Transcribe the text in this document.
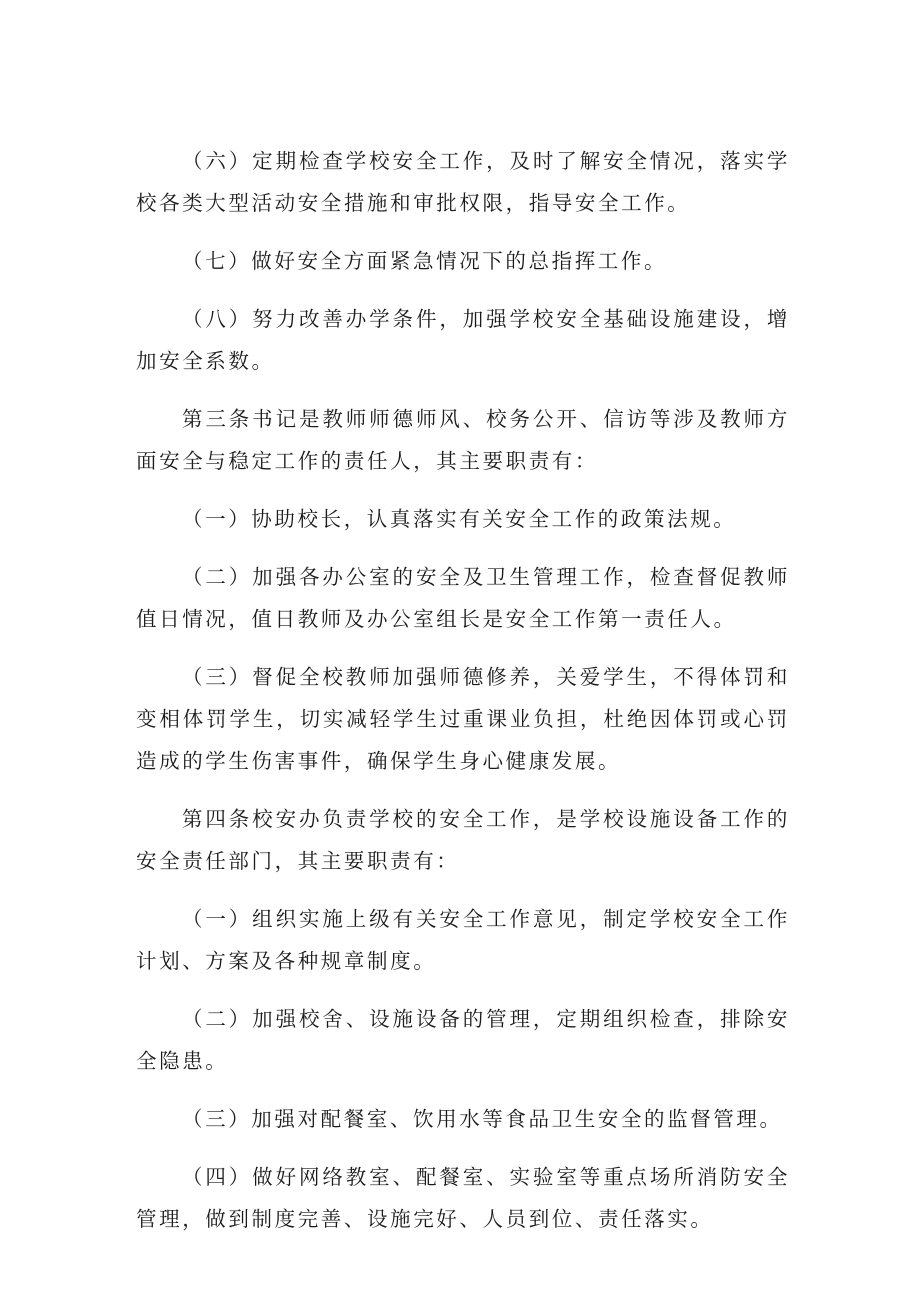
（六）定期检查学校安全工作，及时了解安全情况，落实学校各类大型活动安全措施和审批权限，指导安全工作。

（七）做好安全方面紧急情况下的总指挥工作。

（八）努力改善办学条件，加强学校安全基础设施建设，增加安全系数。

第三条书记是教师师德师风、校务公开、信访等涉及教师方面安全与稳定工作的责任人，其主要职责有：

（一）协助校长，认真落实有关安全工作的政策法规。

（二）加强各办公室的安全及卫生管理工作，检查督促教师值日情况，值日教师及办公室组长是安全工作第一责任人。

（三）督促全校教师加强师德修养，关爱学生，不得体罚和变相体罚学生，切实减轻学生过重课业负担，杜绝因体罚或心罚造成的学生伤害事件，确保学生身心健康发展。

第四条校安办负责学校的安全工作，是学校设施设备工作的安全责任部门，其主要职责有：

（一）组织实施上级有关安全工作意见，制定学校安全工作计划、方案及各种规章制度。

（二）加强校舍、设施设备的管理，定期组织检查，排除安全隐患。

（三）加强对配餐室、饮用水等食品卫生安全的监督管理。

（四）做好网络教室、配餐室、实验室等重点场所消防安全管理，做到制度完善、设施完好、人员到位、责任落实。
